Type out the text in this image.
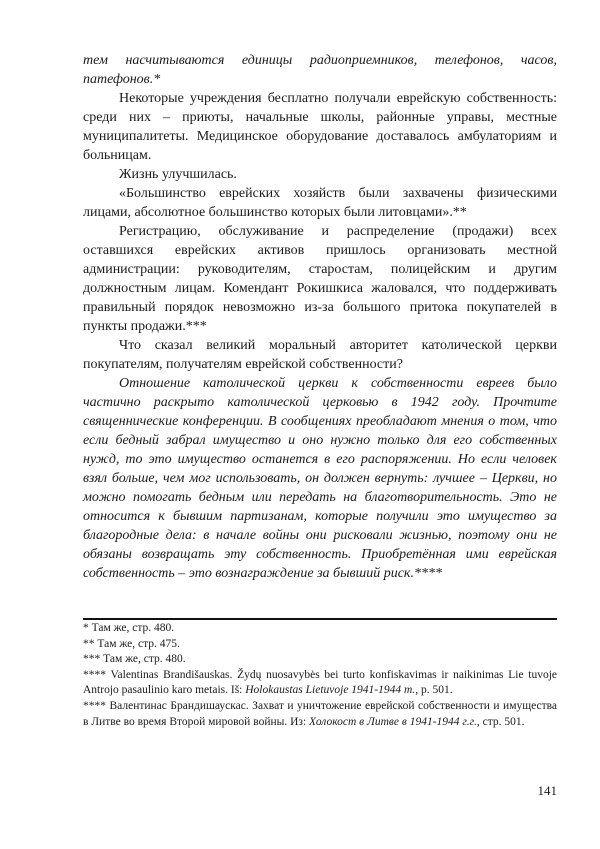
тем насчитываются единицы радиоприемников, телефонов, часов, патефонов.*

Некоторые учреждения бесплатно получали еврейскую собственность: среди них – приюты, начальные школы, районные управы, местные муниципалитеты. Медицинское оборудование доставалось амбулаториям и больницам.

Жизнь улучшилась.

«Большинство еврейских хозяйств были захвачены физическими лицами, абсолютное большинство которых были литовцами».**

Регистрацию, обслуживание и распределение (продажи) всех оставшихся еврейских активов пришлось организовать местной администрации: руководителям, старостам, полицейским и другим должностным лицам. Комендант Рокишкиса жаловался, что поддерживать правильный порядок невозможно из-за большого притока покупателей в пункты продажи.***

Что сказал великий моральный авторитет католической церкви покупателям, получателям еврейской собственности?

Отношение католической церкви к собственности евреев было частично раскрыто католической церковью в 1942 году. Прочтите священнические конференции. В сообщениях преобладают мнения о том, что если бедный забрал имущество и оно нужно только для его собственных нужд, то это имущество останется в его распоряжении. Но если человек взял больше, чем мог использовать, он должен вернуть: лучшее – Церкви, но можно помогать бедным или передать на благотворительность. Это не относится к бывшим партизанам, которые получили это имущество за благородные дела: в начале войны они рисковали жизнью, поэтому они не обязаны возвращать эту собственность. Приобретённая ими еврейская собственность – это вознаграждение за бывший риск.****

* Там же, стр. 480.

** Там же, стр. 475.

*** Там же, стр. 480.

**** Valentinas Brandišauskas. Žydų nuosavybės bei turto konfiskavimas ir naikinimas Lie tuvoje Antrojo pasaulinio karo metais. Iš: Holokaustas Lietuvoje 1941-1944 m., p. 501.

**** Валентинас Брандишаускас. Захват и уничтожение еврейской собственности и имущества в Литве во время Второй мировой войны. Из: Холокост в Литве в 1941-1944 г.г., стр. 501.

141
